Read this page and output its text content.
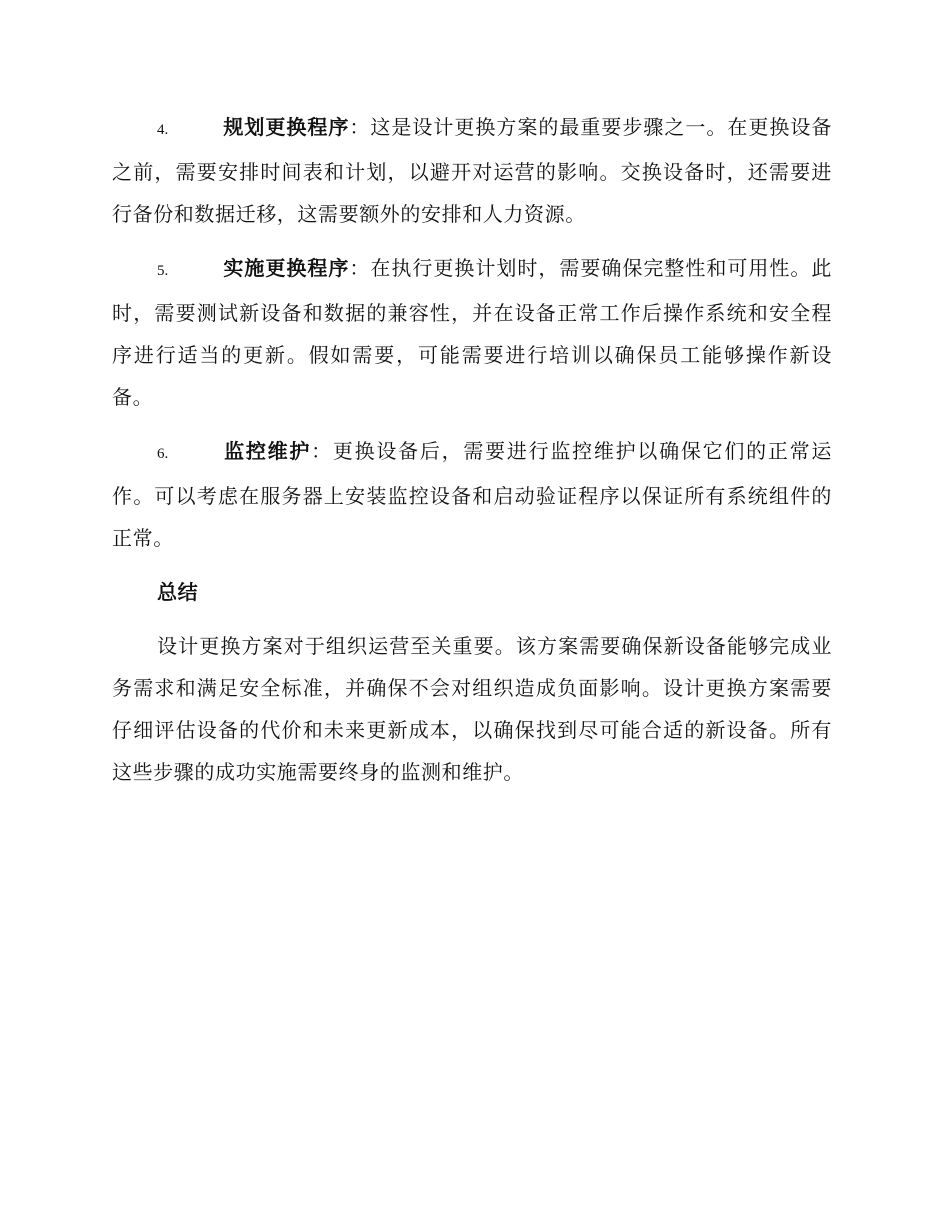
4.	规划更换程序：这是设计更换方案的最重要步骤之一。在更换设备之前，需要安排时间表和计划，以避开对运营的影响。交换设备时，还需要进行备份和数据迁移，这需要额外的安排和人力资源。

5.	实施更换程序：在执行更换计划时，需要确保完整性和可用性。此时，需要测试新设备和数据的兼容性，并在设备正常工作后操作系统和安全程序进行适当的更新。假如需要，可能需要进行培训以确保员工能够操作新设备。

6.	监控维护：更换设备后，需要进行监控维护以确保它们的正常运作。可以考虑在服务器上安装监控设备和启动验证程序以保证所有系统组件的正常。

总结

设计更换方案对于组织运营至关重要。该方案需要确保新设备能够完成业务需求和满足安全标准，并确保不会对组织造成负面影响。设计更换方案需要仔细评估设备的代价和未来更新成本，以确保找到尽可能合适的新设备。所有这些步骤的成功实施需要终身的监测和维护。
